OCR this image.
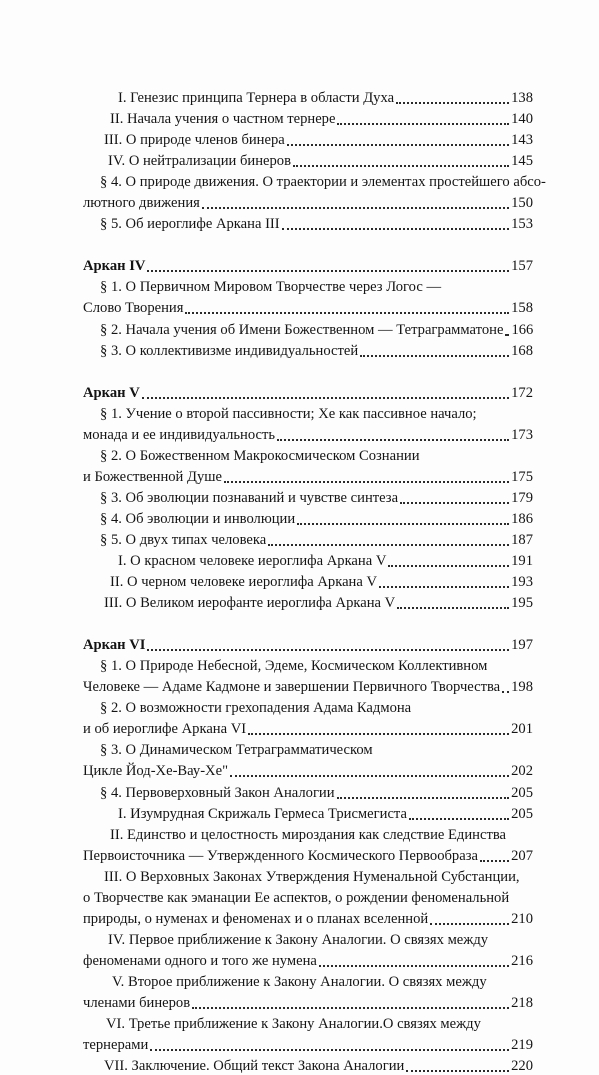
I. Генезис принципа Тернера в области Духа	138
II. Начала учения о частном тернере	140
III. О природе членов бинера	143
IV. О нейтрализации бинеров	145
§ 4. О природе движения. О траектории и элементах простейшего абсо-
лютного движения	150
§ 5. Об иероглифе Аркана III	153
Аркан IV	157
§ 1. О Первичном Мировом Творчестве через Логос —
Слово Творения	158
§ 2. Начала учения об Имени Божественном — Тетраграмматоне 166
§ 3. О коллективизме индивидуальностей	168
Аркан V	172
§ 1. Учение о второй пассивности; Хе как пассивное начало;
монада и ее индивидуальность	173
§ 2. О Божественном Макрокосмическом Сознании
и Божественной Душе	175
§ 3. Об эволюции познаваний и чувстве синтеза	179
§ 4. Об эволюции и инволюции	186
§ 5. О двух типах человека	187
I. О красном человеке иероглифа Аркана V	191
II. О черном человеке иероглифа Аркана V	193
III. О Великом иерофанте иероглифа Аркана V	195
Аркан VI	197
§ 1. О Природе Небесной, Эдеме, Космическом Коллективном
Человеке — Адаме Кадмоне и завершении Первичного Творчества 198
§ 2. О возможности грехопадения Адама Кадмона
и об иероглифе Аркана VI	201
§ 3. О Динамическом Тетраграмматическом
Цикле Йод-Хе-Вау-Хе"	202
§ 4. Первоверховный Закон Аналогии	205
I. Изумрудная Скрижаль Гермеса Трисмегиста	205
II. Единство и целостность мироздания как следствие Единства
Первоисточника — Утвержденного Космического Первообраза 207
III. О Верховных Законах Утверждения Нуменальной Субстанции,
о Творчестве как эманации Ее аспектов, о рождении феноменальной
природы, о нуменах и феноменах и о планах вселенной	210
IV. Первое приближение к Закону Аналогии. О связях между
феноменами одного и того же нумена	216
V. Второе приближение к Закону Аналогии. О связях между
членами бинеров	218
VI. Третье приближение к Закону Аналогии.О связях между
тернерами	219
VII. Заключение. Общий текст Закона Аналогии	220
